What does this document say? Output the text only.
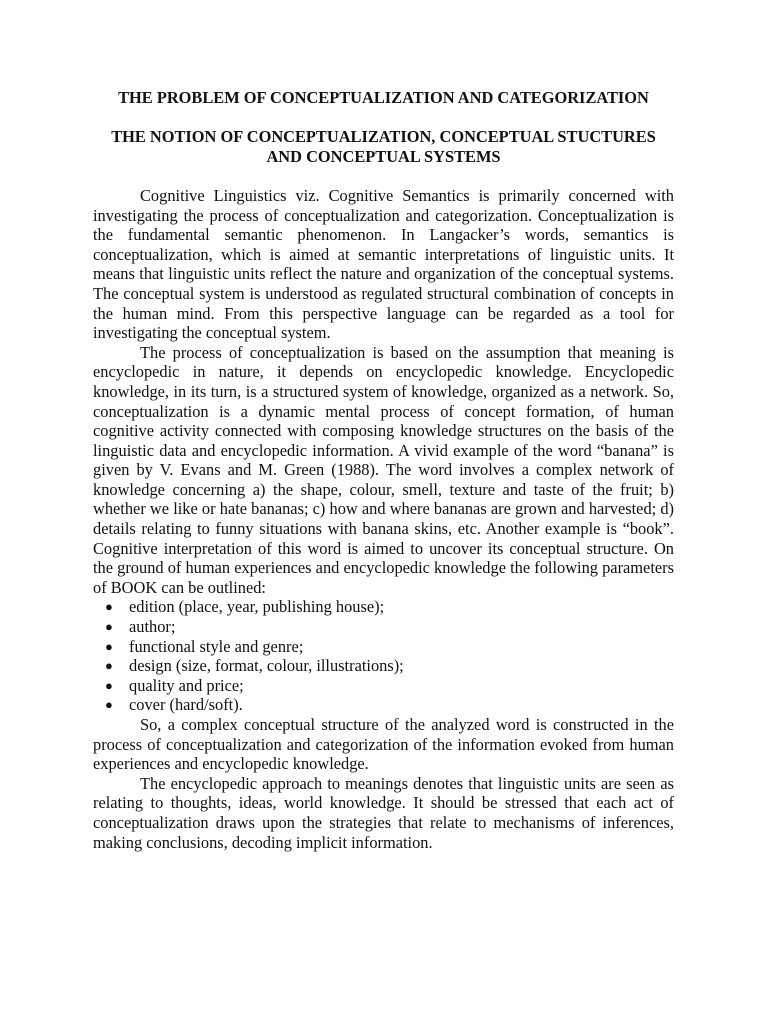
THE PROBLEM OF CONCEPTUALIZATION AND CATEGORIZATION
THE NOTION OF CONCEPTUALIZATION, CONCEPTUAL STUCTURES AND CONCEPTUAL SYSTEMS

Cognitive Linguistics viz. Cognitive Semantics is primarily concerned with investigating the process of conceptualization and categorization. Conceptualization is the fundamental semantic phenomenon. In Langacker’s words, semantics is conceptualization, which is aimed at semantic interpretations of linguistic units. It means that linguistic units reflect the nature and organization of the conceptual systems. The conceptual system is understood as regulated structural combination of concepts in the human mind. From this perspective language can be regarded as a tool for investigating the conceptual system.

The process of conceptualization is based on the assumption that meaning is encyclopedic in nature, it depends on encyclopedic knowledge. Encyclopedic knowledge, in its turn, is a structured system of knowledge, organized as a network. So, conceptualization is a dynamic mental process of concept formation, of human cognitive activity connected with composing knowledge structures on the basis of the linguistic data and encyclopedic information. A vivid example of the word “banana” is given by V. Evans and M. Green (1988). The word involves a complex network of knowledge concerning a) the shape, colour, smell, texture and taste of the fruit; b) whether we like or hate bananas; c) how and where bananas are grown and harvested; d) details relating to funny situations with banana skins, etc. Another example is “book”. Cognitive interpretation of this word is aimed to uncover its conceptual structure. On the ground of human experiences and encyclopedic knowledge the following parameters of BOOK can be outlined:

● edition (place, year, publishing house);
● author;
● functional style and genre;
● design (size, format, colour, illustrations);
● quality and price;
● cover (hard/soft).

So, a complex conceptual structure of the analyzed word is constructed in the process of conceptualization and categorization of the information evoked from human experiences and encyclopedic knowledge.

The encyclopedic approach to meanings denotes that linguistic units are seen as relating to thoughts, ideas, world knowledge. It should be stressed that each act of conceptualization draws upon the strategies that relate to mechanisms of inferences, making conclusions, decoding implicit information.
